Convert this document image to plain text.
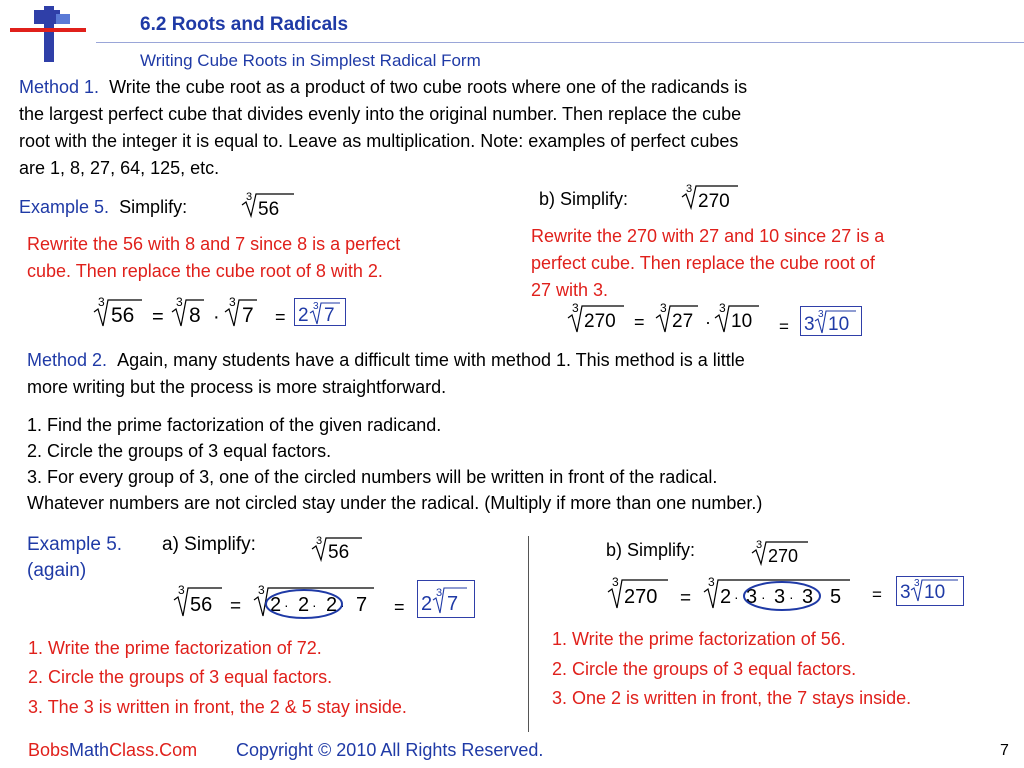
6.2 Roots and Radicals
Writing Cube Roots in Simplest Radical Form
Method 1. Write the cube root as a product of two cube roots where one of the radicands is
the largest perfect cube that divides evenly into the original number. Then replace the cube
root with the integer it is equal to. Leave as multiplication. Note: examples of perfect cubes
are 1, 8, 27, 64, 125, etc.
Example 5. Simplify:	3
56
Rewrite the 56 with 8 and 7 since 8 is a perfect
cube. Then replace the cube root of 8 with 2.
3
56 =
3
8 ·
3
7 = 2 3 7
b) Simplify:	3
270
Rewrite the 270 with 27 and 10 since 27 is a
perfect cube. Then replace the cube root of
27 with 3.
3
270 =
3
27 ·
3
10 = 3 3 10
Method 2. Again, many students have a difficult time with method 1. This method is a little
more writing but the process is more straightforward.
1. Find the prime factorization of the given radicand.
2. Circle the groups of 3 equal factors.
3. For every group of 3, one of the circled numbers will be written in front of the radical.
Whatever numbers are not circled stay under the radical. (Multiply if more than one number.)
Example 5.
(again)
a) Simplify:	3
56
3
56 =
3
2 · 2 · 2 · 7 = 2 3 7
1. Write the prime factorization of 72.
2. Circle the groups of 3 equal factors.
3. The 3 is written in front, the 2 & 5 stay inside.
b) Simplify:	3
270
3
270 =
3
2 · 3 · 3 · 3 · 5 = 3 3 10
1. Write the prime factorization of 56.
2. Circle the groups of 3 equal factors.
3. One 2 is written in front, the 7 stays inside.
BobsMathClass.Com Copyright © 2010 All Rights Reserved.	7
